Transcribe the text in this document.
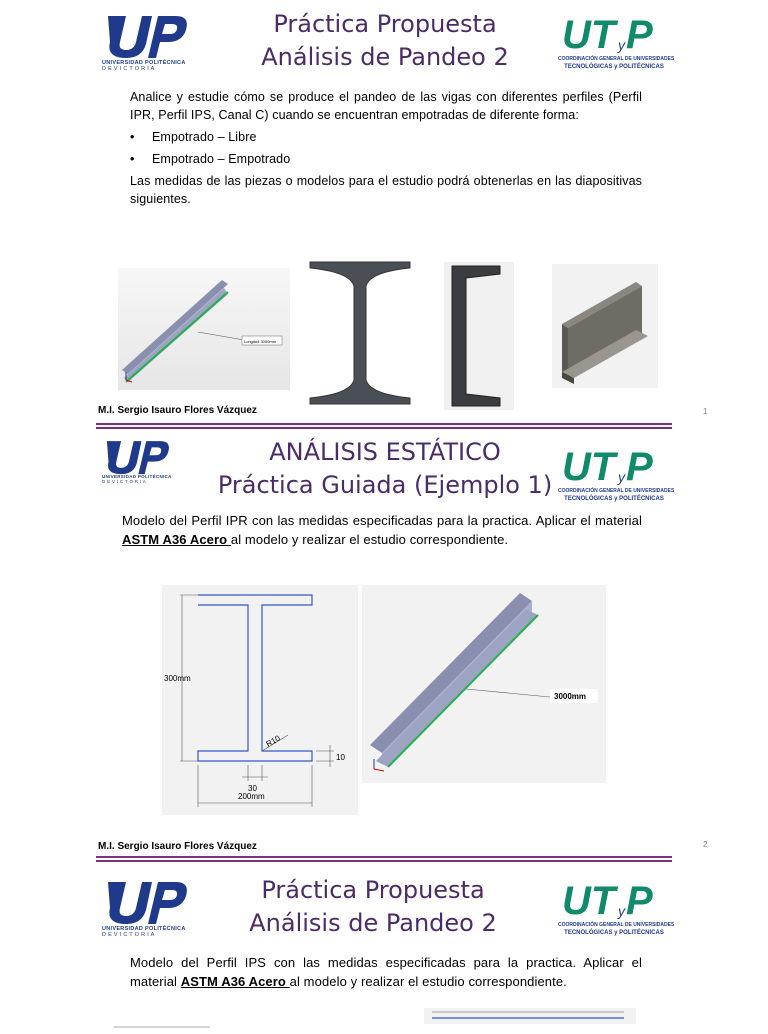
UNIVERSIDAD POLITÉCNICA
D E V I C T O R I A
Práctica Propuesta
Análisis de Pandeo 2	UT y P
COORDINACIÓN GENERAL DE UNIVERSIDADES
TECNOLÓGICAS y POLITÉCNICAS
Analice y estudie cómo se produce el pandeo de las vigas con diferentes perfiles (Perfil IPR, Perfil IPS, Canal C) cuando se encuentran empotradas de diferente forma:
• Empotrado – Libre
• Empotrado – Empotrado
Las medidas de las piezas o modelos para el estudio podrá obtenerlas en las diapositivas siguientes.
Longitud 3000mm
M.I. Sergio Isauro Flores Vázquez	1
UNIVERSIDAD POLITÉCNICA
D E V I C T O R I A
ANÁLISIS ESTÁTICO
Práctica Guiada (Ejemplo 1) UT y P
COORDINACIÓN GENERAL DE UNIVERSIDADES
TECNOLÓGICAS y POLITÉCNICAS
Modelo del Perfil IPR con las medidas especificadas para la practica. Aplicar el material ASTM A36 Acero al modelo y realizar el estudio correspondiente.
300mm
R10
10
30
200mm
3000mm
M.I. Sergio Isauro Flores Vázquez	2
UNIVERSIDAD POLITÉCNICA
D E V I C T O R I A
Práctica Propuesta
Análisis de Pandeo 2	UT y P
COORDINACIÓN GENERAL DE UNIVERSIDADES
TECNOLÓGICAS y POLITÉCNICAS
Modelo del Perfil IPS con las medidas especificadas para la practica. Aplicar el material ASTM A36 Acero al modelo y realizar el estudio correspondiente.
